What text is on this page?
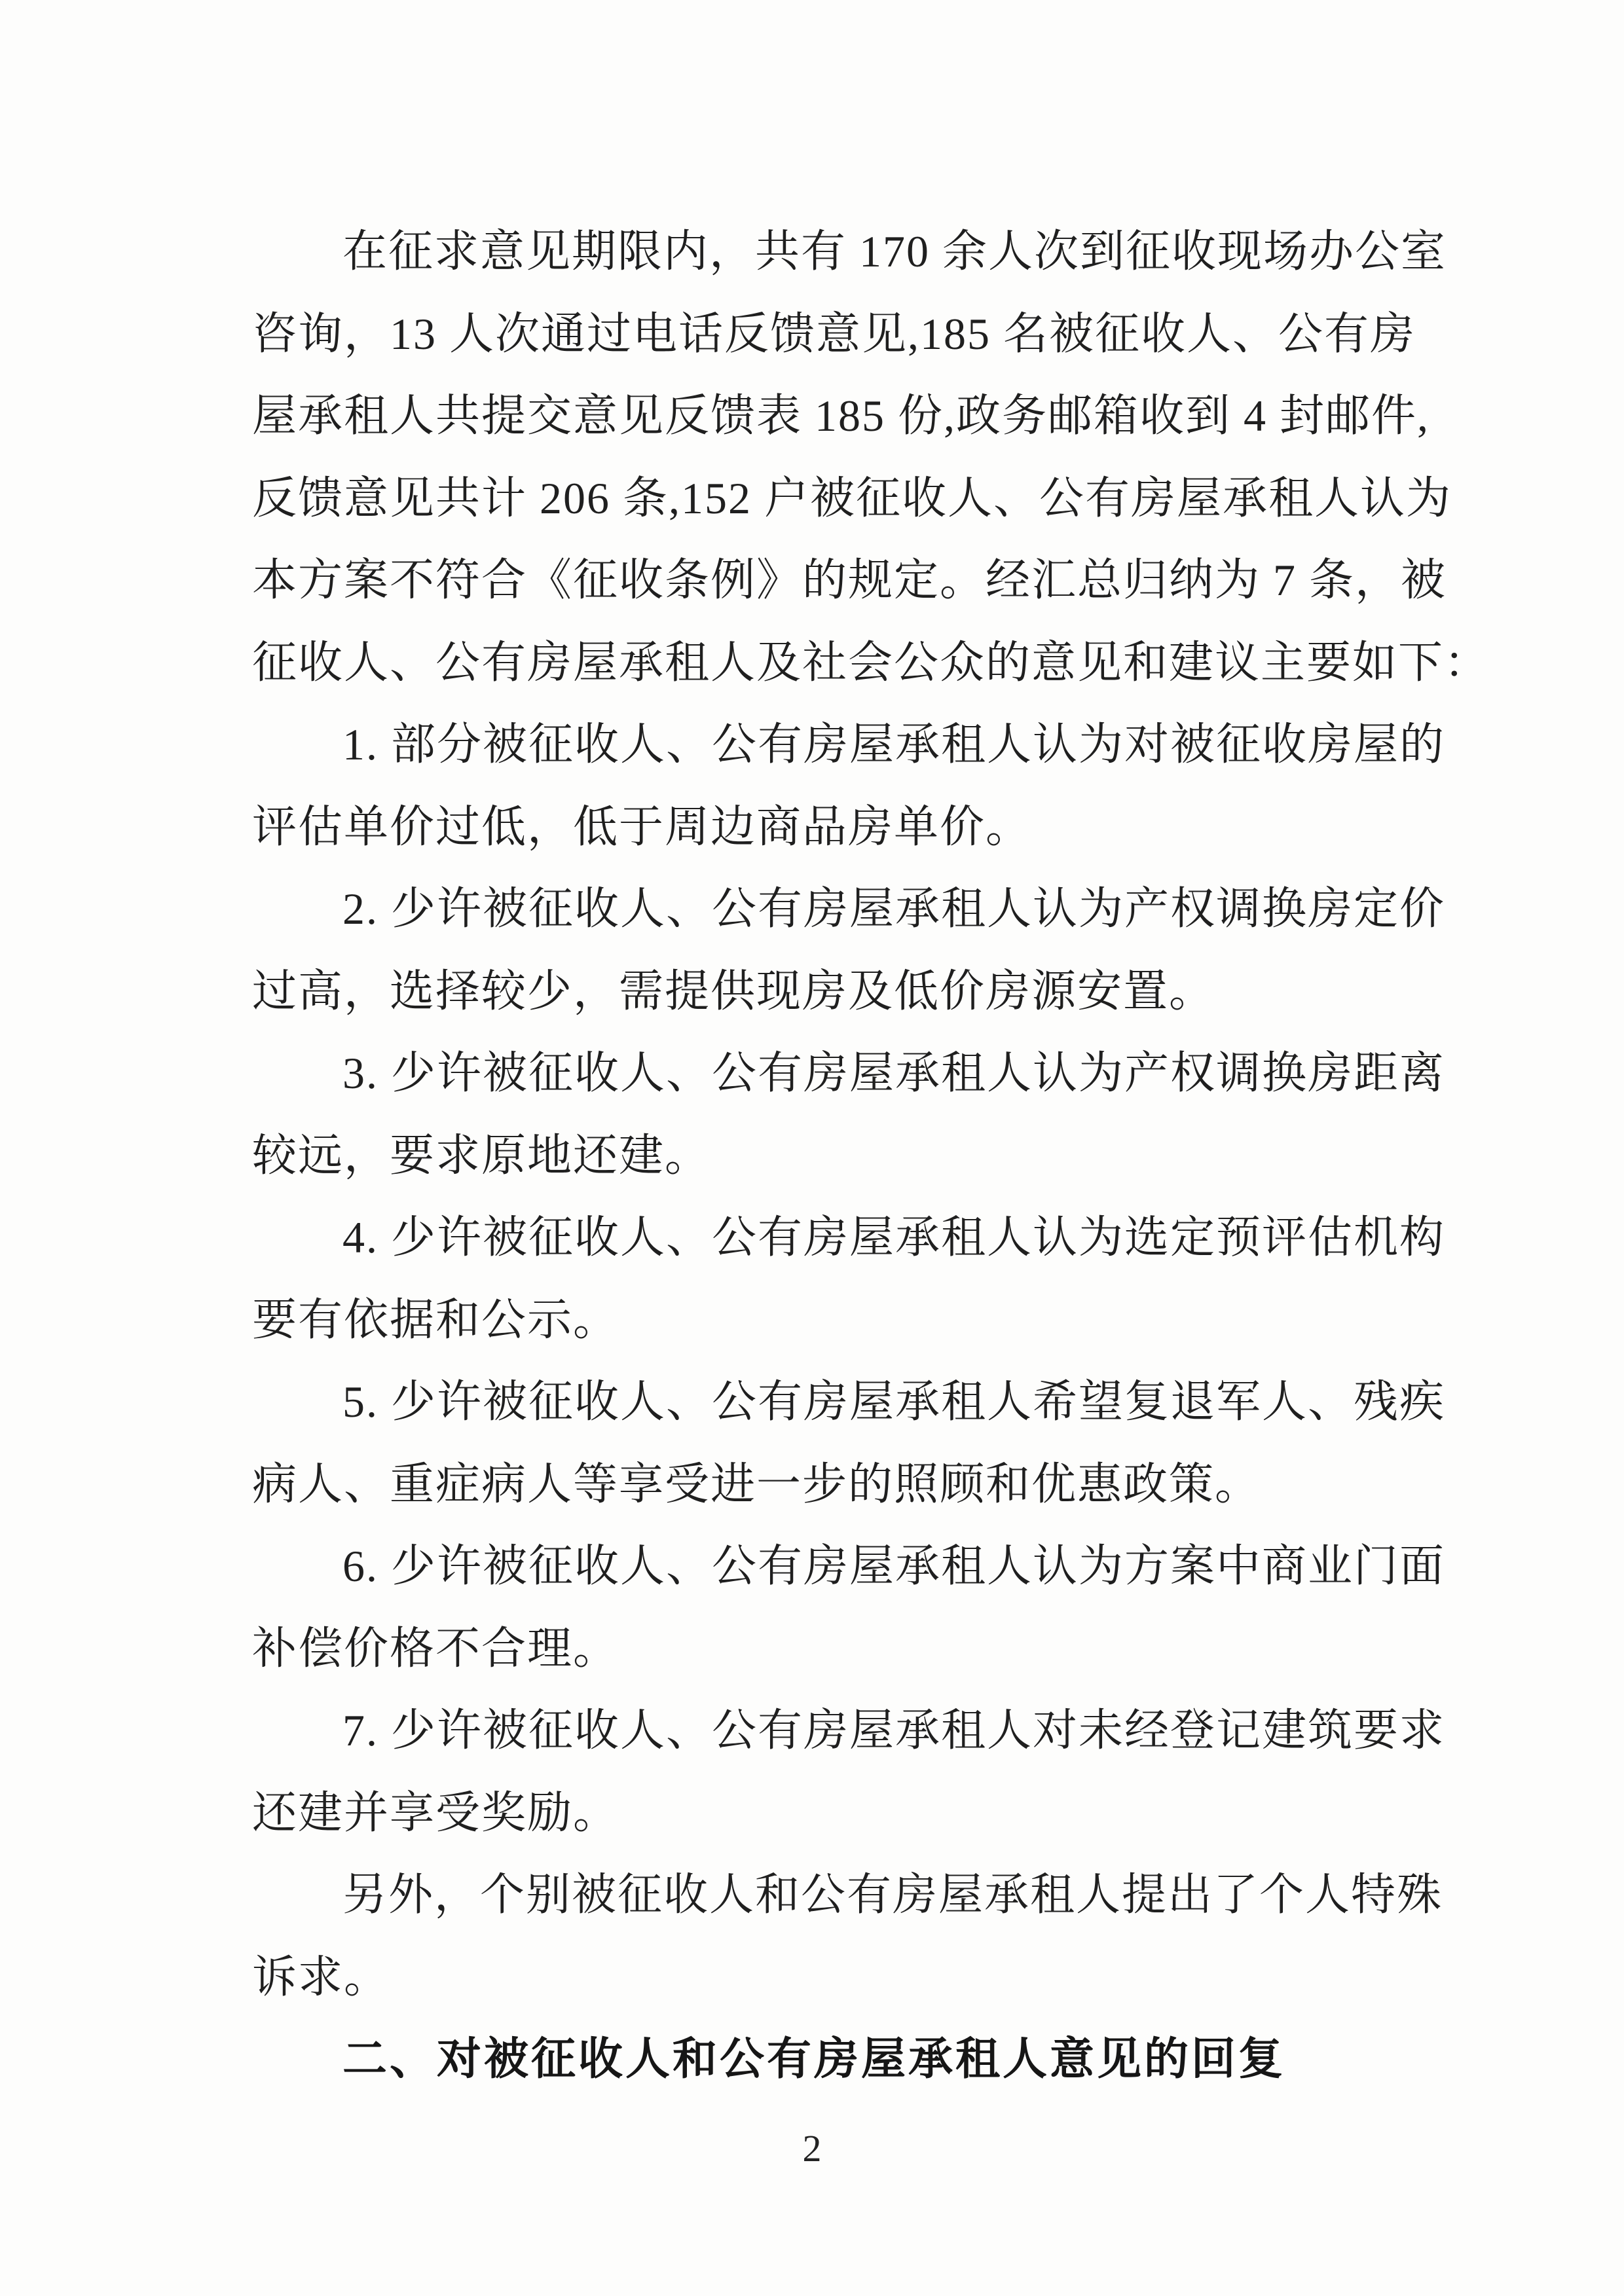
在征求意见期限内，共有 170 余人次到征收现场办公室
咨询，13 人次通过电话反馈意见,185 名被征收人、公有房
屋承租人共提交意见反馈表 185 份,政务邮箱收到 4 封邮件,
反馈意见共计 206 条,152 户被征收人、公有房屋承租人认为
本方案不符合《征收条例》的规定。经汇总归纳为 7 条，被
征收人、公有房屋承租人及社会公众的意见和建议主要如下：
1. 部分被征收人、公有房屋承租人认为对被征收房屋的
评估单价过低，低于周边商品房单价。
2. 少许被征收人、公有房屋承租人认为产权调换房定价
过高，选择较少，需提供现房及低价房源安置。
3. 少许被征收人、公有房屋承租人认为产权调换房距离
较远，要求原地还建。
4. 少许被征收人、公有房屋承租人认为选定预评估机构
要有依据和公示。
5. 少许被征收人、公有房屋承租人希望复退军人、残疾
病人、重症病人等享受进一步的照顾和优惠政策。
6. 少许被征收人、公有房屋承租人认为方案中商业门面
补偿价格不合理。
7. 少许被征收人、公有房屋承租人对未经登记建筑要求
还建并享受奖励。
另外，个别被征收人和公有房屋承租人提出了个人特殊
诉求。
二、对被征收人和公有房屋承租人意见的回复
2
